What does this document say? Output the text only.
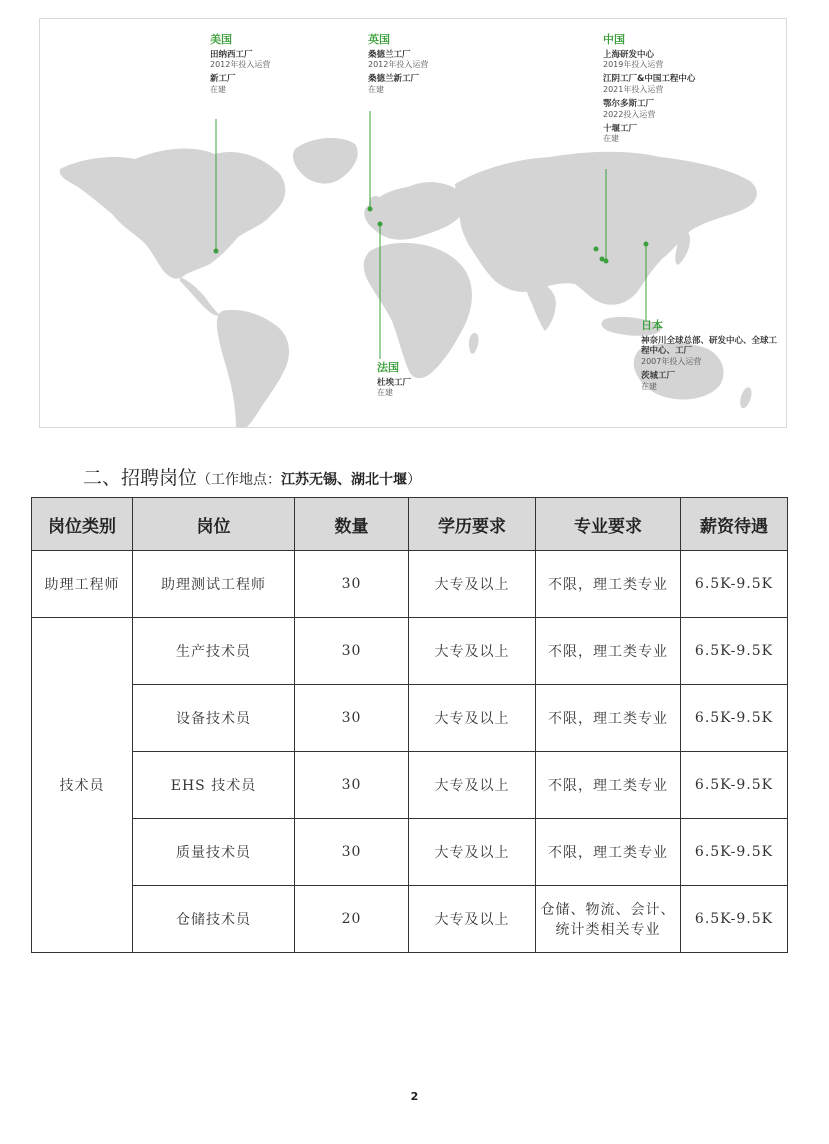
美国
田纳西工厂
2012年投入运营
新工厂
在建
英国
桑德兰工厂
2012年投入运营
桑德兰新工厂
在建
中国
上海研发中心
2019年投入运营
江阴工厂&中国工程中心
2021年投入运营
鄂尔多斯工厂
2022投入运营
十堰工厂
在建
法国
杜埃工厂
在建
日本
神奈川全球总部、研发中心、全球工程中心、工厂
2007年投入运营
茨城工厂
在建
二、招聘岗位（工作地点：江苏无锡、湖北十堰）
岗位类别	岗位	数量	学历要求	专业要求	薪资待遇
助理工程师	助理测试工程师	30	大专及以上	不限，理工类专业	6.5K-9.5K
技术员	生产技术员	30	大专及以上	不限，理工类专业	6.5K-9.5K
	设备技术员	30	大专及以上	不限，理工类专业	6.5K-9.5K
	EHS 技术员	30	大专及以上	不限，理工类专业	6.5K-9.5K
	质量技术员	30	大专及以上	不限，理工类专业	6.5K-9.5K
	仓储技术员	20	大专及以上	仓储、物流、会计、统计类相关专业	6.5K-9.5K
2
